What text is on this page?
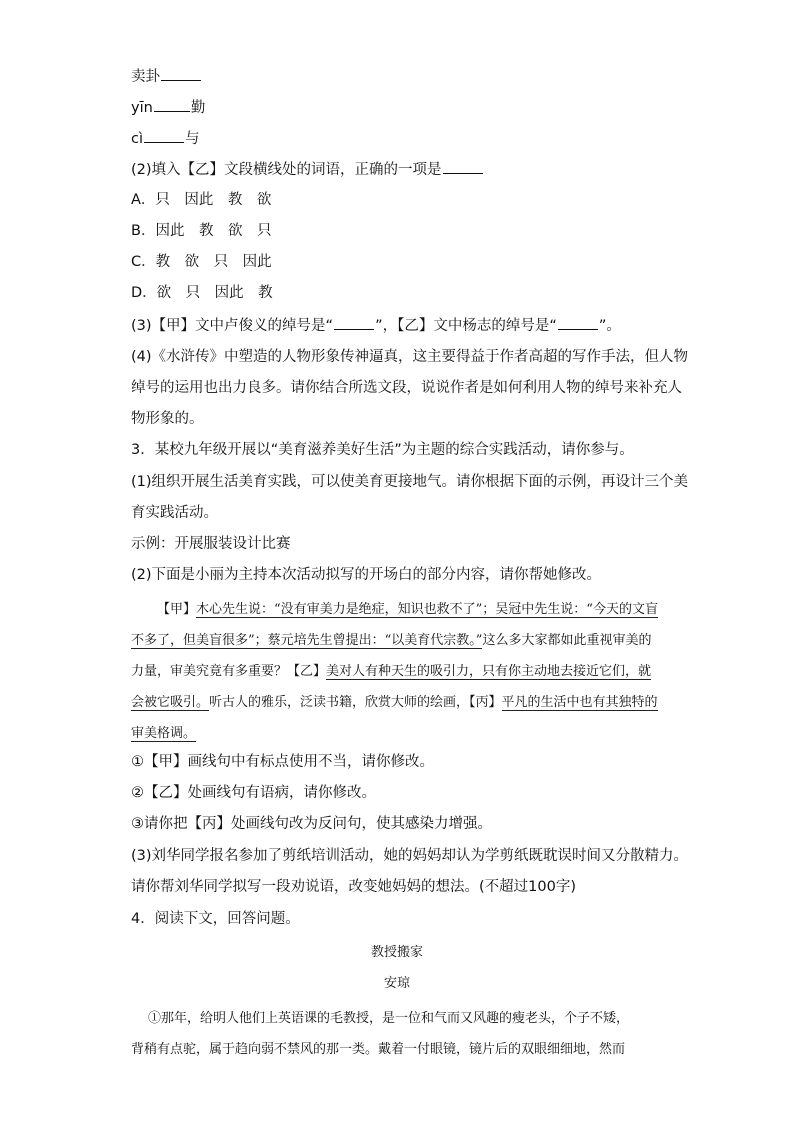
卖卦
yīn	勤
cì	与
(2)填入【乙】文段横线处的词语，正确的一项是
A．只　因此　教　欲
B．因此　教　欲　只
C．教　欲　只　因此
D．欲　只　因此　教
(3)【甲】文中卢俊义的绰号是“	”，【乙】文中杨志的绰号是“	”。
(4)《水浒传》中塑造的人物形象传神逼真，这主要得益于作者高超的写作手法，但人物
绰号的运用也出力良多。请你结合所选文段，说说作者是如何利用人物的绰号来补充人
物形象的。
3．某校九年级开展以“美育滋养美好生活”为主题的综合实践活动，请你参与。
(1)组织开展生活美育实践，可以使美育更接地气。请你根据下面的示例，再设计三个美
育实践活动。
示例：开展服装设计比赛
(2)下面是小丽为主持本次活动拟写的开场白的部分内容，请你帮她修改。
【甲】木心先生说：“没有审美力是绝症，知识也救不了”；吴冠中先生说：“今天的文盲不多了，但美盲很多”；蔡元培先生曾提出：“以美育代宗教。”这么多大家都如此重视审美的力量，审美究竟有多重要？【乙】美对人有种天生的吸引力，只有你主动地去接近它们，就会被它吸引。听古人的雅乐，泛读书籍，欣赏大师的绘画，【丙】平凡的生活中也有其独特的审美格调。
①【甲】画线句中有标点使用不当，请你修改。
②【乙】处画线句有语病，请你修改。
③请你把【丙】处画线句改为反问句，使其感染力增强。
(3)刘华同学报名参加了剪纸培训活动，她的妈妈却认为学剪纸既耽误时间又分散精力。
请你帮刘华同学拟写一段劝说语，改变她妈妈的想法。(不超过100字)
4．阅读下文，回答问题。
教授搬家
安琼
①那年，给明人他们上英语课的毛教授，是一位和气而又风趣的瘦老头，个子不矮，
背稍有点驼，属于趋向弱不禁风的那一类。戴着一付眼镜，镜片后的双眼细细地，然而
